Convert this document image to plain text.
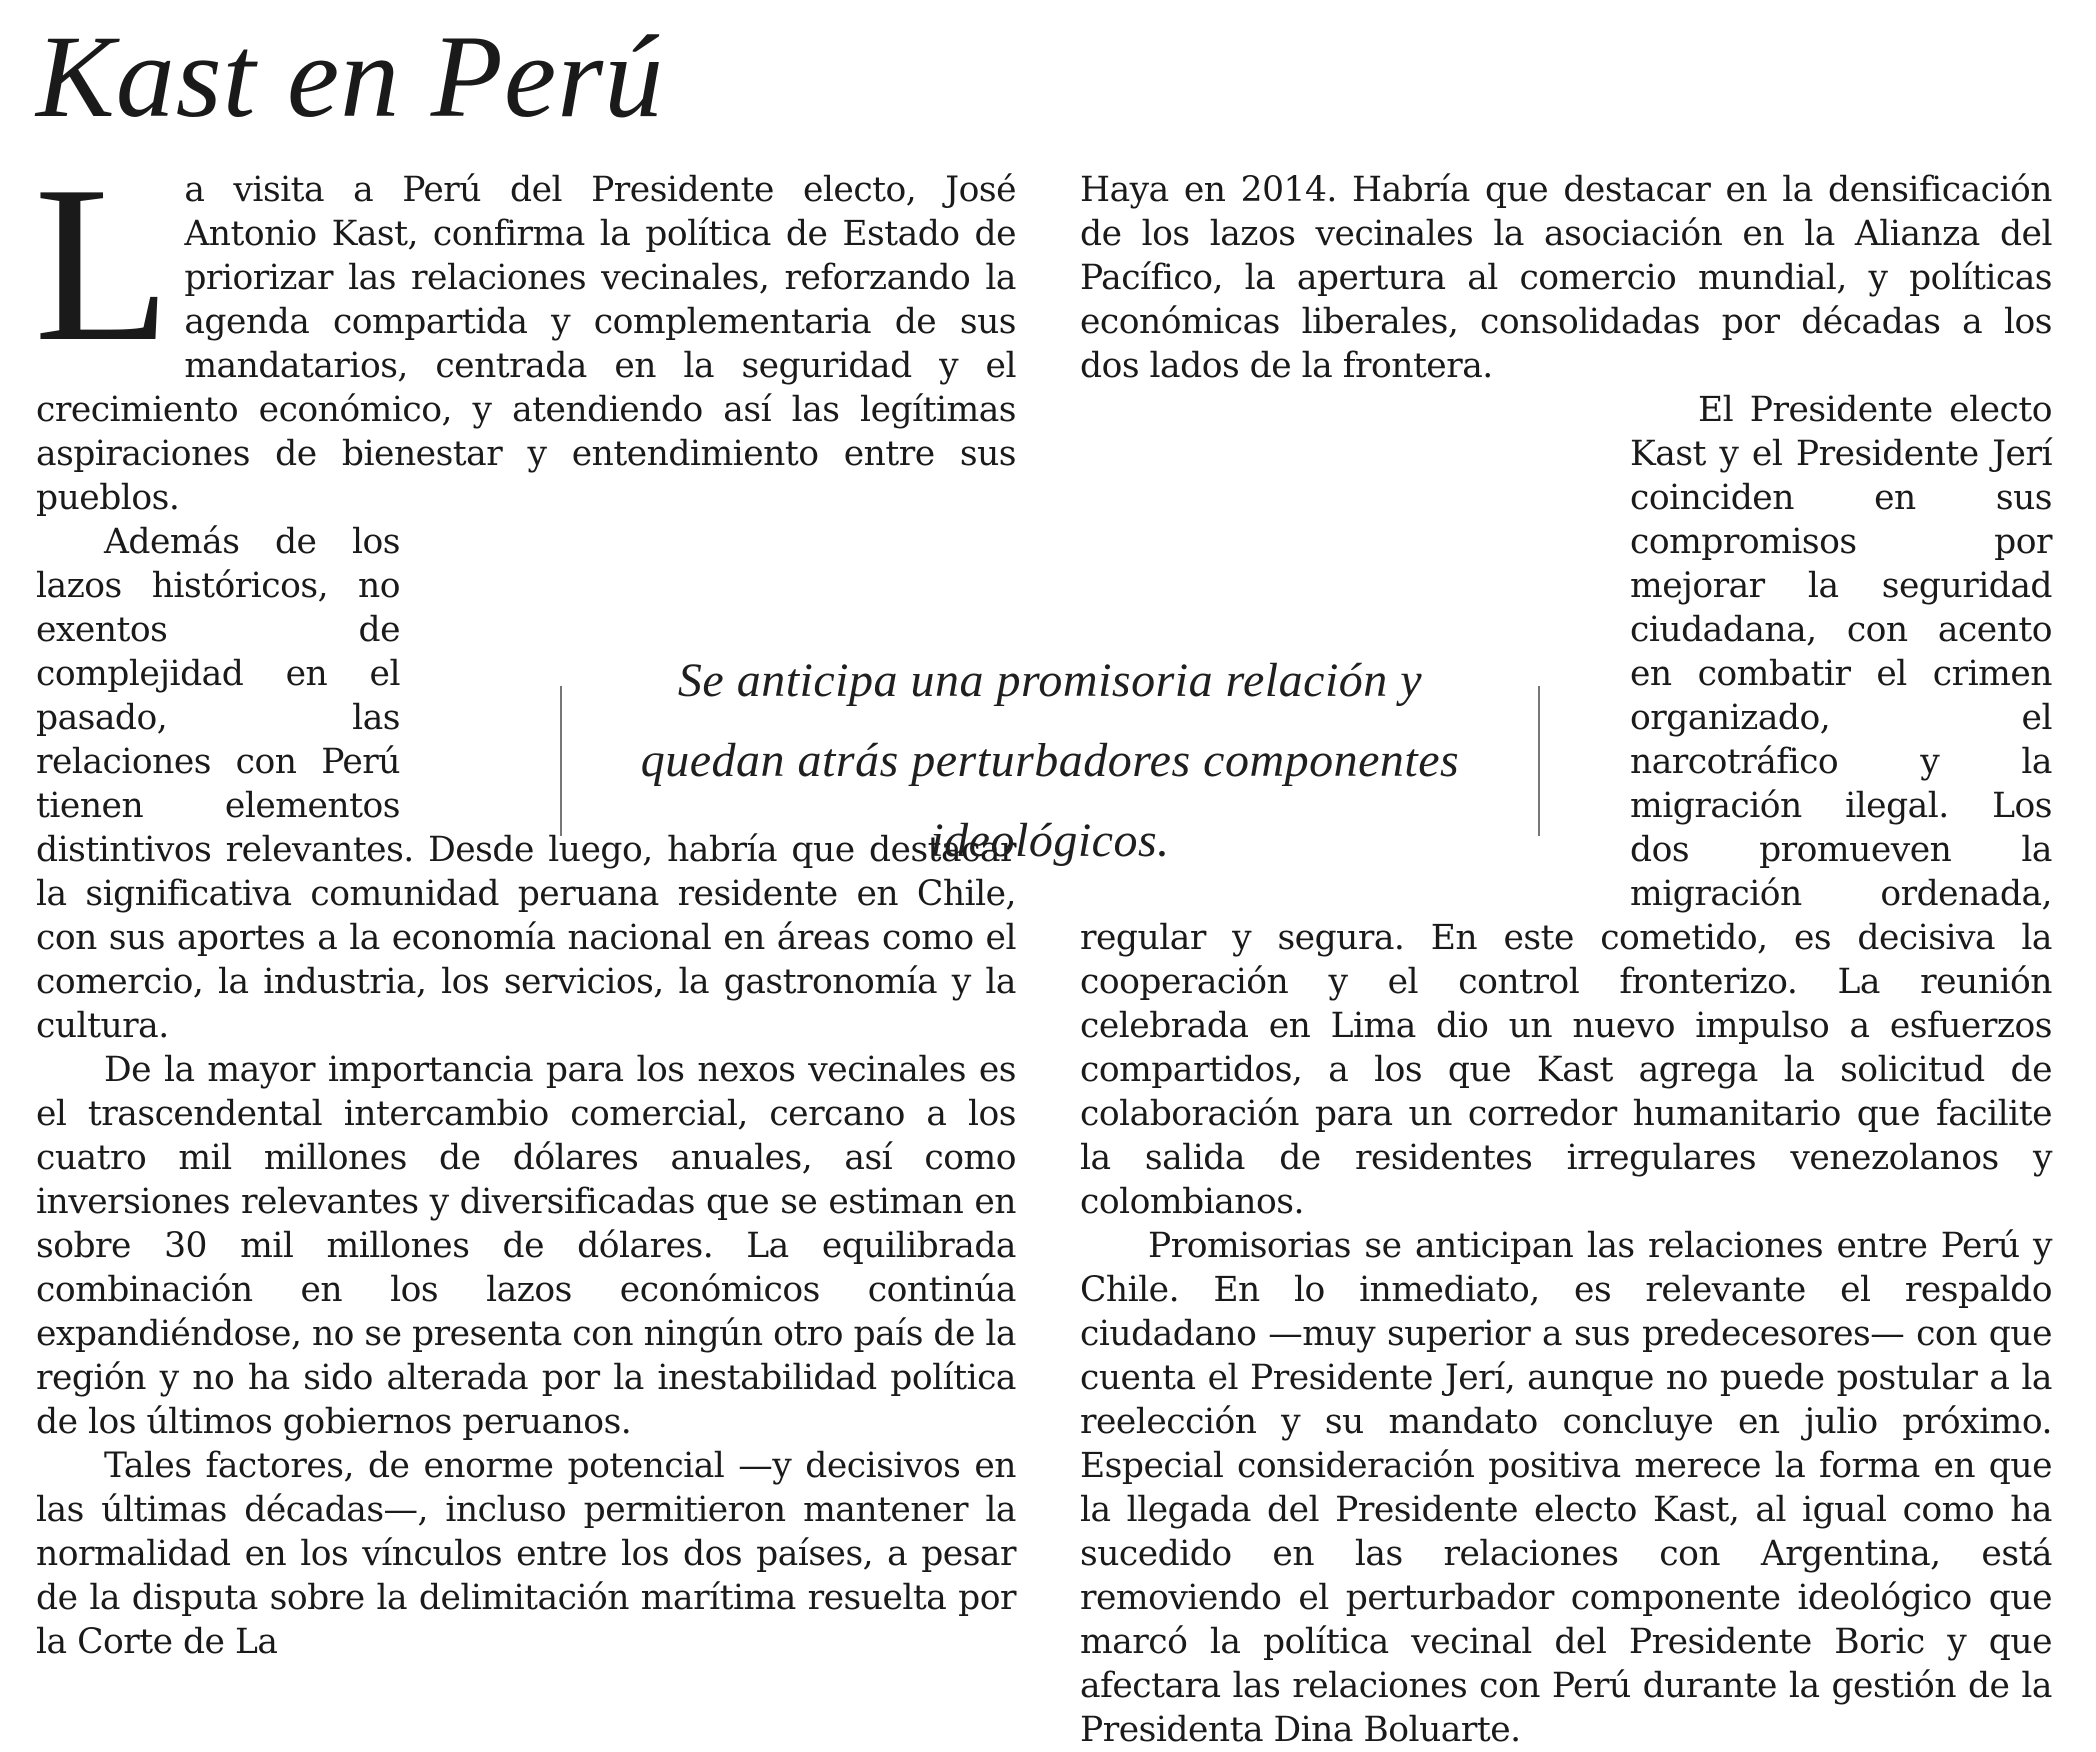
Kast en Perú

La visita a Perú del Presidente electo, José Antonio Kast, confirma la política de Estado de priorizar las relaciones vecinales, reforzando la agenda compartida y complementaria de sus mandatarios, centrada en la seguridad y el crecimiento económico, y atendiendo así las legítimas aspiraciones de bienestar y entendimiento entre sus pueblos.

Además de los lazos históricos, no exentos de complejidad en el pasado, las relaciones con Perú tienen elementos distintivos relevantes. Desde luego, habría que destacar la significativa comunidad peruana residente en Chile, con sus aportes a la economía nacional en áreas como el comercio, la industria, los servicios, la gastronomía y la cultura.

De la mayor importancia para los nexos vecinales es el trascendental intercambio comercial, cercano a los cuatro mil millones de dólares anuales, así como inversiones relevantes y diversificadas que se estiman en sobre 30 mil millones de dólares. La equilibrada combinación en los lazos económicos continúa expandiéndose, no se presenta con ningún otro país de la región y no ha sido alterada por la inestabilidad política de los últimos gobiernos peruanos.

Tales factores, de enorme potencial —y decisivos en las últimas décadas—, incluso permitieron mantener la normalidad en los vínculos entre los dos países, a pesar de la disputa sobre la delimitación marítima resuelta por la Corte de La

Haya en 2014. Habría que destacar en la densificación de los lazos vecinales la asociación en la Alianza del Pacífico, la apertura al comercio mundial, y políticas económicas liberales, consolidadas por décadas a los dos lados de la frontera.

El Presidente electo Kast y el Presidente Jerí coinciden en sus compromisos por mejorar la seguridad ciudadana, con acento en combatir el crimen organizado, el narcotráfico y la migración ilegal. Los dos promueven la migración ordenada, regular y segura. En este cometido, es decisiva la cooperación y el control fronterizo. La reunión celebrada en Lima dio un nuevo impulso a esfuerzos compartidos, a los que Kast agrega la solicitud de colaboración para un corredor humanitario que facilite la salida de residentes irregulares venezolanos y colombianos.

Promisorias se anticipan las relaciones entre Perú y Chile. En lo inmediato, es relevante el respaldo ciudadano —muy superior a sus predecesores— con que cuenta el Presidente Jerí, aunque no puede postular a la reelección y su mandato concluye en julio próximo. Especial consideración positiva merece la forma en que la llegada del Presidente electo Kast, al igual como ha sucedido en las relaciones con Argentina, está removiendo el perturbador componente ideológico que marcó la política vecinal del Presidente Boric y que afectara las relaciones con Perú durante la gestión de la Presidenta Dina Boluarte.

Se anticipa una promisoria relación y quedan atrás perturbadores componentes ideológicos.
